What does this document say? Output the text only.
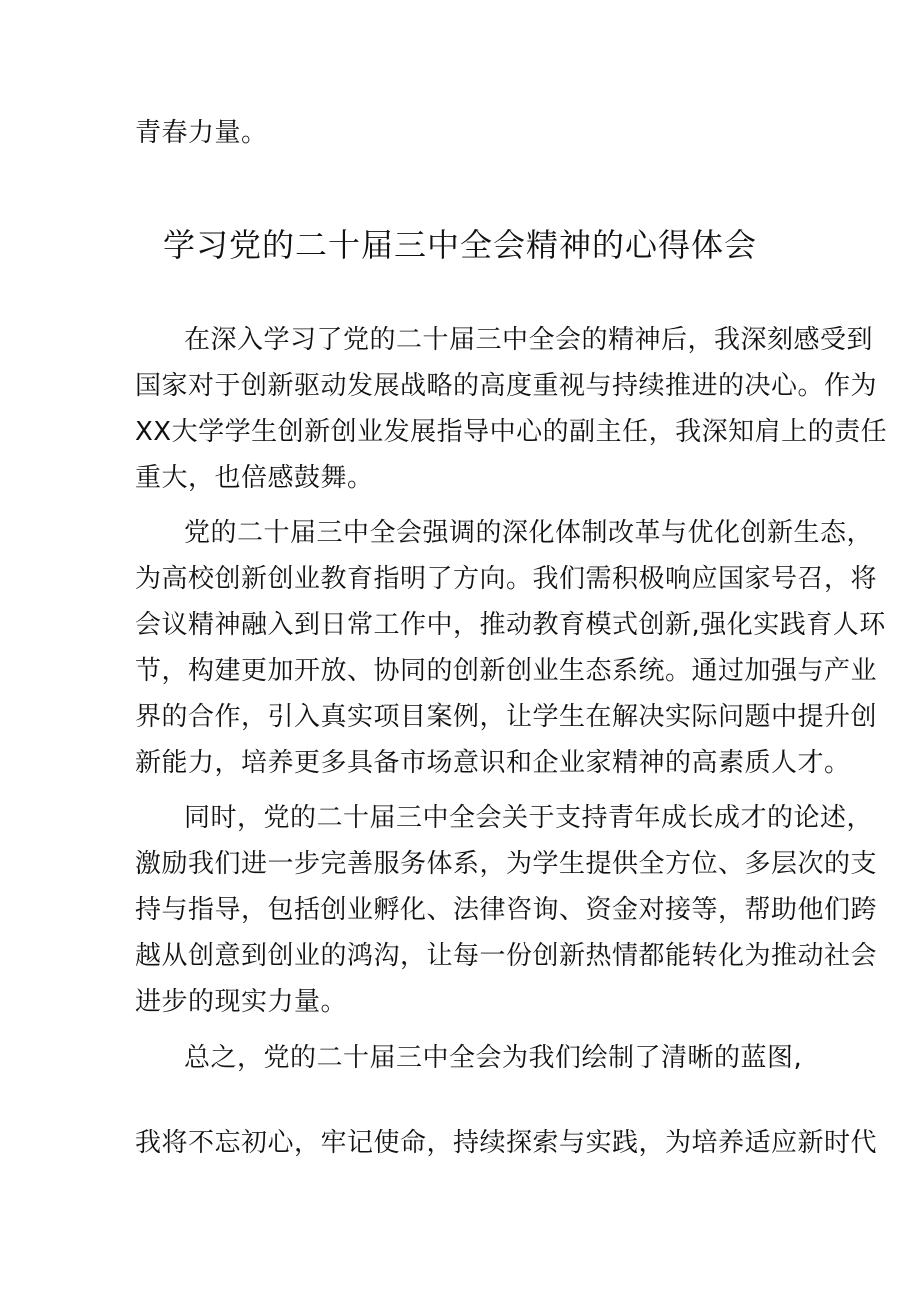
青春力量。
学习党的二十届三中全会精神的心得体会
在深入学习了党的二十届三中全会的精神后，我深刻感受到
国家对于创新驱动发展战略的高度重视与持续推进的决心。作为
XX大学学生创新创业发展指导中心的副主任，我深知肩上的责任
重大，也倍感鼓舞。
党的二十届三中全会强调的深化体制改革与优化创新生态，
为高校创新创业教育指明了方向。我们需积极响应国家号召，将
会议精神融入到日常工作中，推动教育模式创新,强化实践育人环
节，构建更加开放、协同的创新创业生态系统。通过加强与产业
界的合作，引入真实项目案例，让学生在解决实际问题中提升创
新能力，培养更多具备市场意识和企业家精神的高素质人才。
同时，党的二十届三中全会关于支持青年成长成才的论述，
激励我们进一步完善服务体系，为学生提供全方位、多层次的支
持与指导，包括创业孵化、法律咨询、资金对接等，帮助他们跨
越从创意到创业的鸿沟，让每一份创新热情都能转化为推动社会
进步的现实力量。
总之，党的二十届三中全会为我们绘制了清晰的蓝图,
我将不忘初心，牢记使命，持续探索与实践，为培养适应新时代
